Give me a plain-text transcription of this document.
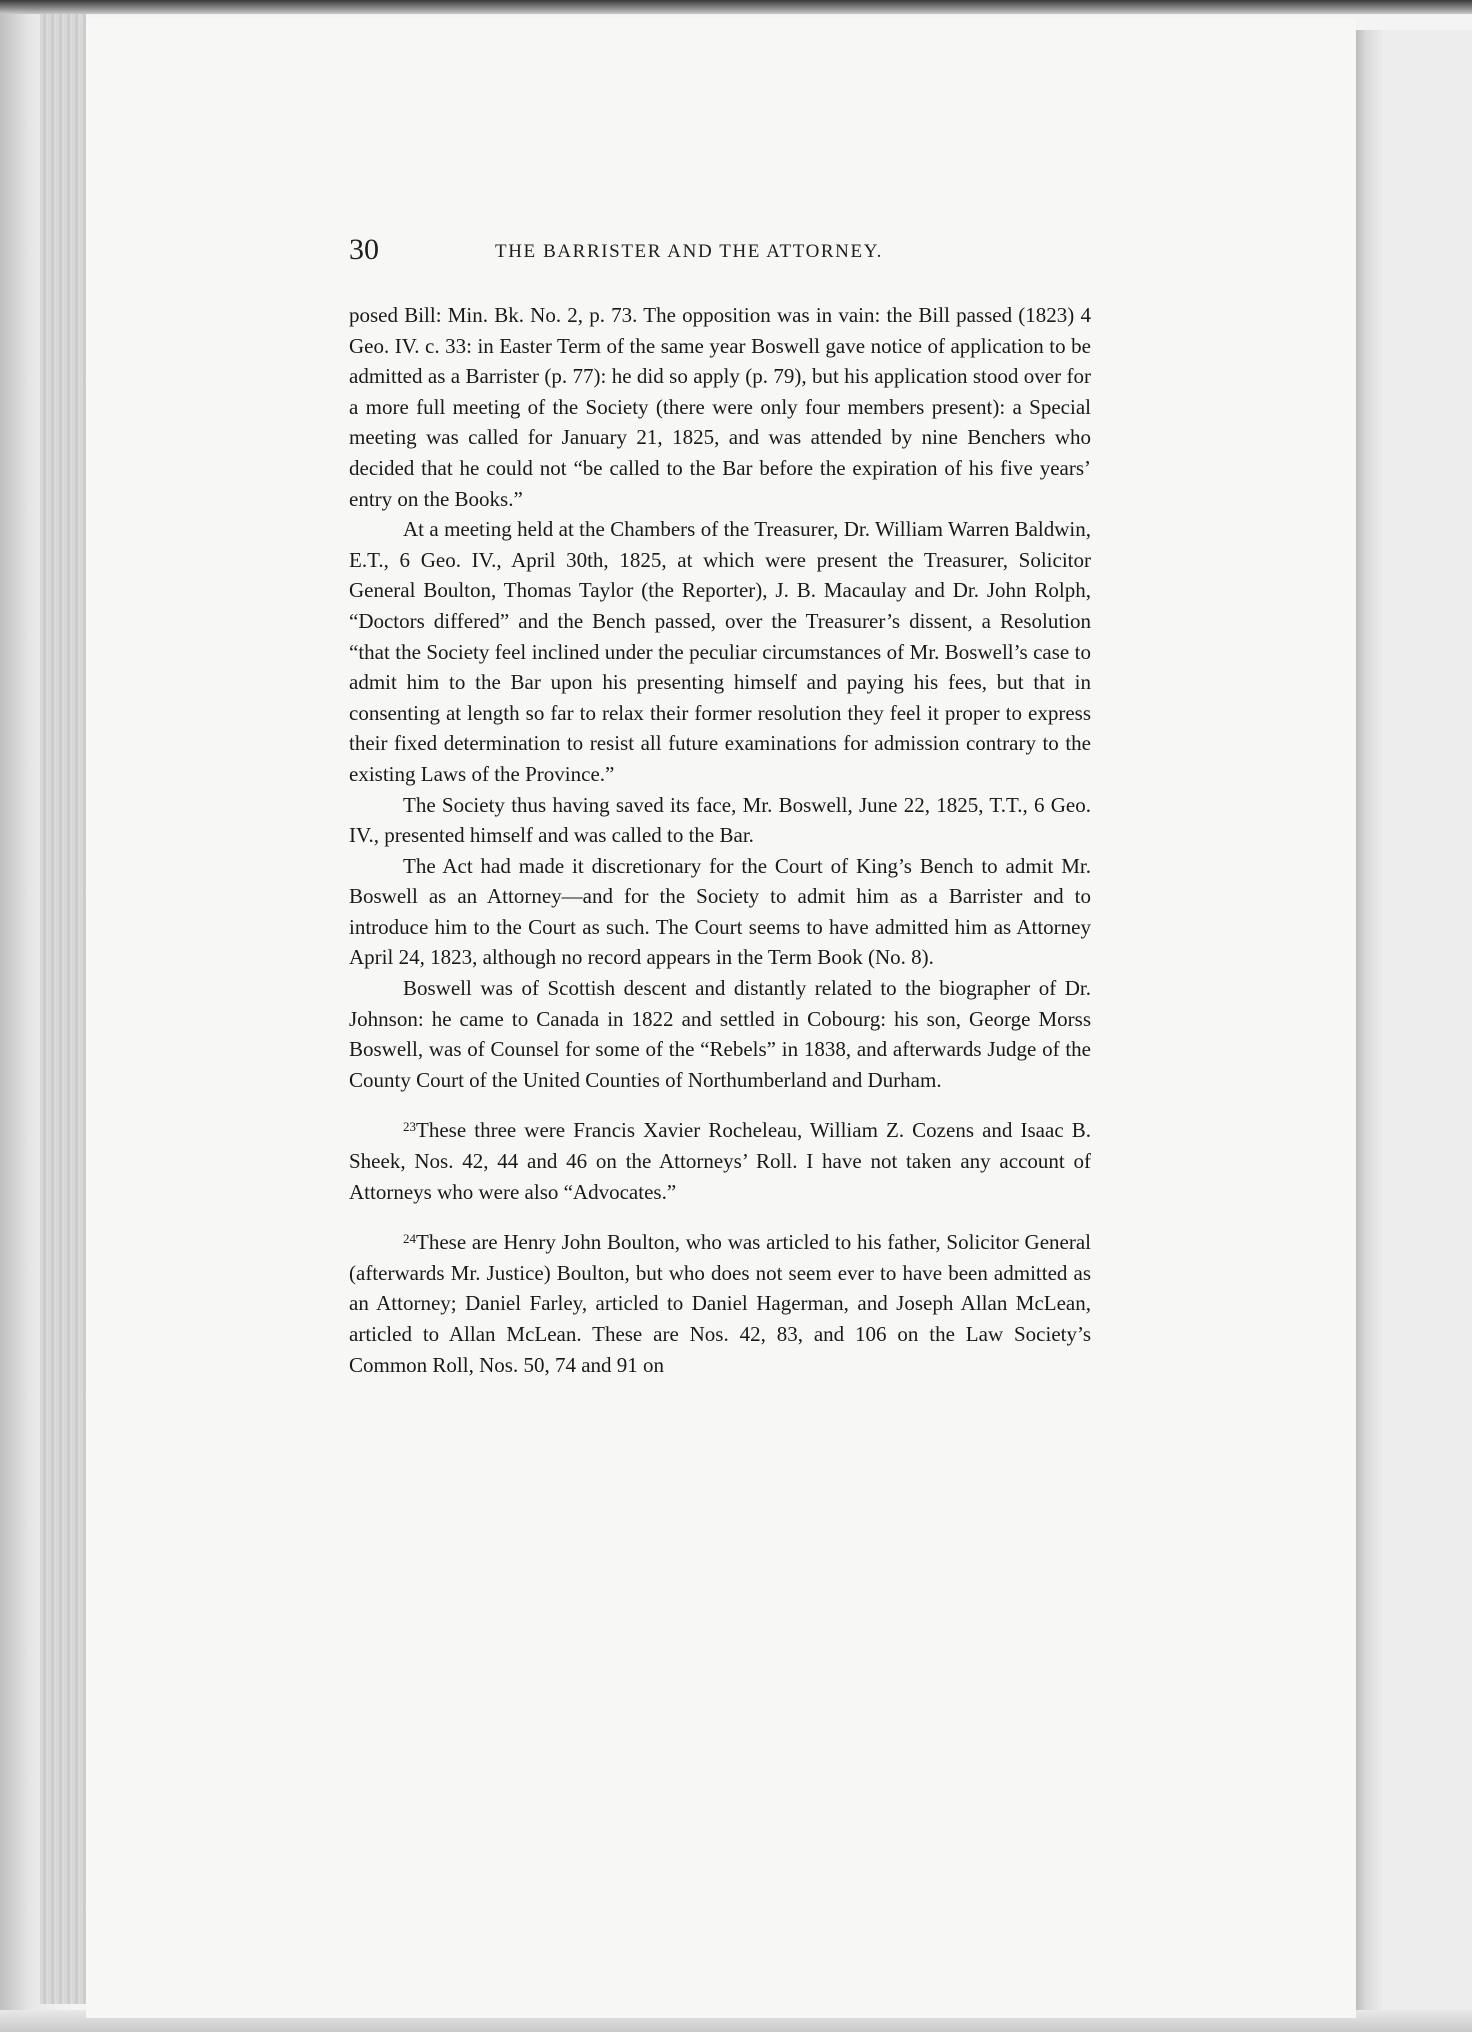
30	THE BARRISTER AND THE ATTORNEY.

posed Bill: Min. Bk. No. 2, p. 73. The opposition was in vain: the Bill passed (1823) 4 Geo. IV. c. 33: in Easter Term of the same year Boswell gave notice of application to be admitted as a Barrister (p. 77): he did so apply (p. 79), but his application stood over for a more full meeting of the Society (there were only four members present): a Special meeting was called for January 21, 1825, and was attended by nine Benchers who decided that he could not “be called to the Bar before the expiration of his five years’ entry on the Books.”

At a meeting held at the Chambers of the Treasurer, Dr. William Warren Baldwin, E.T., 6 Geo. IV., April 30th, 1825, at which were present the Treasurer, Solicitor General Boulton, Thomas Taylor (the Reporter), J. B. Macaulay and Dr. John Rolph, “Doctors differed” and the Bench passed, over the Treasurer’s dissent, a Resolution “that the Society feel inclined under the peculiar circumstances of Mr. Boswell’s case to admit him to the Bar upon his presenting himself and paying his fees, but that in consenting at length so far to relax their former resolution they feel it proper to express their fixed determination to resist all future examinations for admission contrary to the existing Laws of the Province.”

The Society thus having saved its face, Mr. Boswell, June 22, 1825, T.T., 6 Geo. IV., presented himself and was called to the Bar.

The Act had made it discretionary for the Court of King’s Bench to admit Mr. Boswell as an Attorney—and for the Society to admit him as a Barrister and to introduce him to the Court as such. The Court seems to have admitted him as Attorney April 24, 1823, although no record appears in the Term Book (No. 8).

Boswell was of Scottish descent and distantly related to the biographer of Dr. Johnson: he came to Canada in 1822 and settled in Cobourg: his son, George Morss Boswell, was of Counsel for some of the “Rebels” in 1838, and afterwards Judge of the County Court of the United Counties of Northumberland and Durham.

$^{23}$These three were Francis Xavier Rocheleau, William Z. Cozens and Isaac B. Sheek, Nos. 42, 44 and 46 on the Attorneys’ Roll. I have not taken any account of Attorneys who were also “Advocates.”

$^{24}$These are Henry John Boulton, who was articled to his father, Solicitor General (afterwards Mr. Justice) Boulton, but who does not seem ever to have been admitted as an Attorney; Daniel Farley, articled to Daniel Hagerman, and Joseph Allan McLean, articled to Allan McLean. These are Nos. 42, 83, and 106 on the Law Society’s Common Roll, Nos. 50, 74 and 91 on
